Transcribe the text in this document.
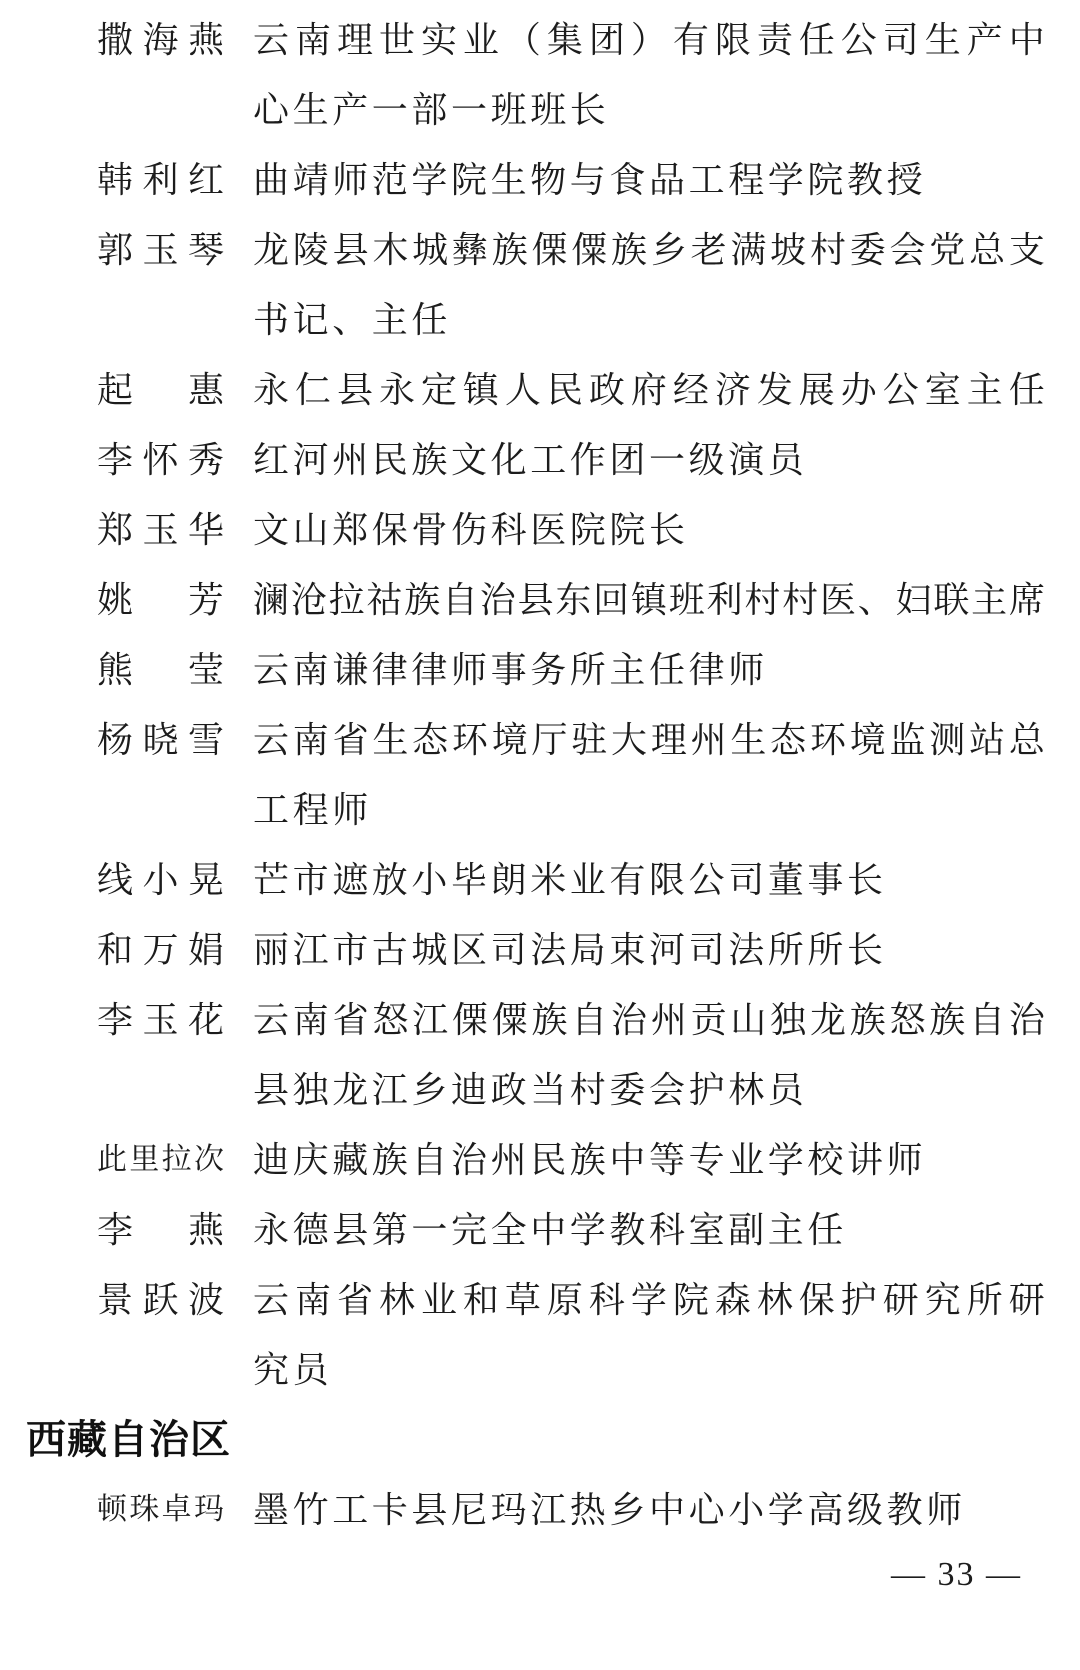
撒 海 燕 云 南 理 世 实 业 （ 集 团 ） 有 限 责 任 公 司 生 产 中
心生产一部一班班长
韩 利 红 曲靖师范学院生物与食品工程学院教授
郭 玉 琴 龙 陵 县 木 城 彝 族 傈 僳 族 乡 老 满 坡 村 委 会 党 总 支
书记、主任
起 惠 永 仁 县 永 定 镇 人 民 政 府 经 济 发 展 办 公 室 主 任
李 怀 秀 红河州民族文化工作团一级演员
郑 玉 华 文山郑保骨伤科医院院长
姚 芳 澜 沧 拉 祜 族 自 治 县 东 回 镇 班 利 村 村 医 、 妇 联 主 席
熊 莹 云南谦律律师事务所主任律师
杨 晓 雪 云 南 省 生 态 环 境 厅 驻 大 理 州 生 态 环 境 监 测 站 总
工程师
线 小 晃 芒市遮放小毕朗米业有限公司董事长
和 万 娟 丽江市古城区司法局束河司法所所长
李 玉 花 云 南 省 怒 江 傈 僳 族 自 治 州 贡 山 独 龙 族 怒 族 自 治
县独龙江乡迪政当村委会护林员
此 里 拉 次 迪庆藏族自治州民族中等专业学校讲师
李 燕 永德县第一完全中学教科室副主任
景 跃 波 云 南 省 林 业 和 草 原 科 学 院 森 林 保 护 研 究 所 研
究员
西藏自治区
顿 珠 卓 玛 墨竹工卡县尼玛江热乡中心小学高级教师
— 33 —
